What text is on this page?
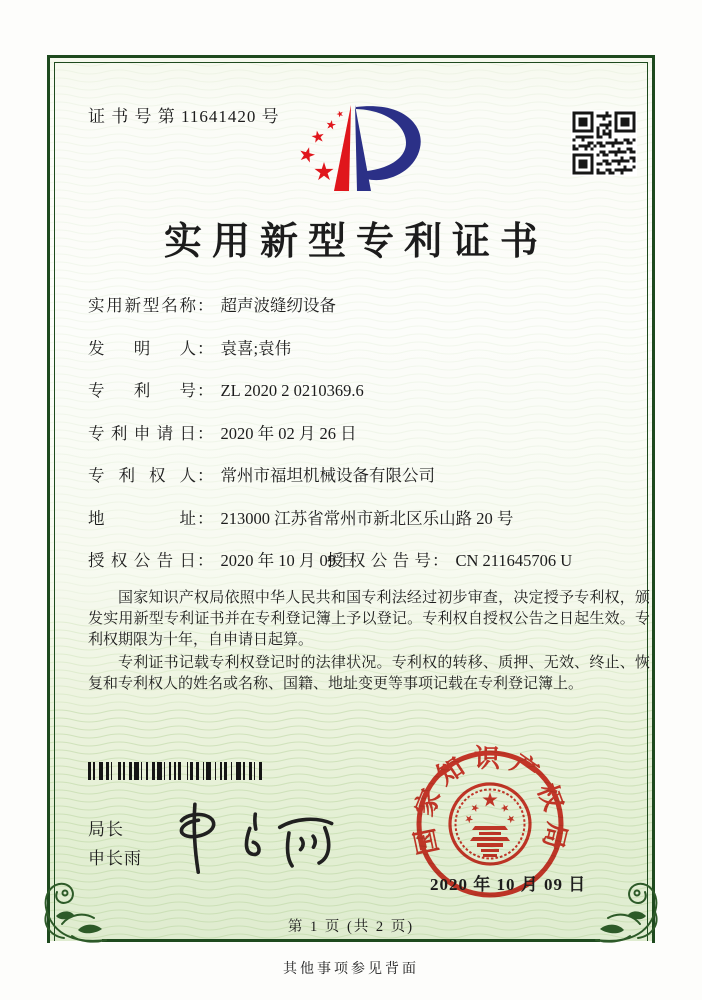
证 书 号 第 11641420 号
实用新型专利证书
实用新型名称： 超声波缝纫设备
发明人： 袁喜;袁伟
专利号： ZL 2020 2 0210369.6
专利申请日： 2020 年 02 月 26 日
专利权人： 常州市福坦机械设备有限公司
地址： 213000 江苏省常州市新北区乐山路 20 号
授权公告日： 2020 年 10 月 09 日
授权公告号： CN 211645706 U

国家知识产权局依照中华人民共和国专利法经过初步审查，决定授予专利权，颁发实用新型专利证书并在专利登记簿上予以登记。专利权自授权公告之日起生效。专利权期限为十年，自申请日起算。

专利证书记载专利权登记时的法律状况。专利权的转移、质押、无效、终止、恢复和专利权人的姓名或名称、国籍、地址变更等事项记载在专利登记簿上。

局长
申长雨
国家知识产权局
2020 年 10 月 09 日
第 1 页 (共 2 页)
其他事项参见背面
